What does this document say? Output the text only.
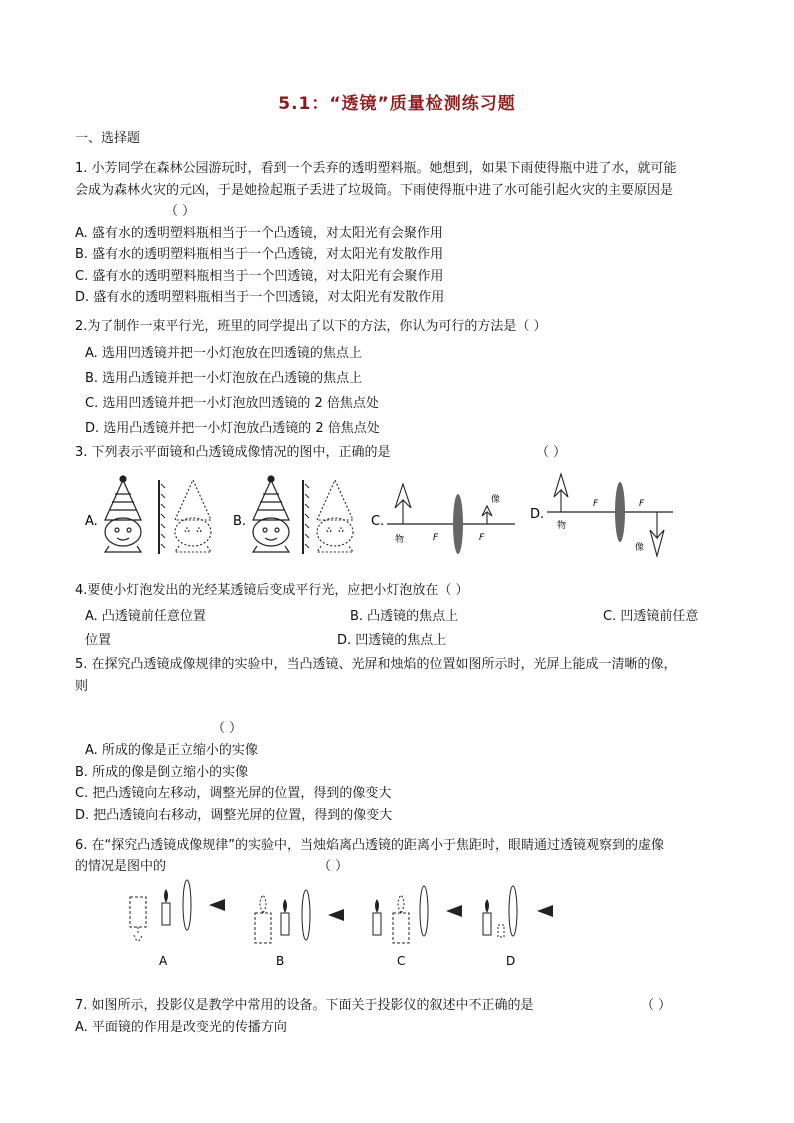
5.1：“透镜”质量检测练习题
一、选择题
1. 小芳同学在森林公园游玩时，看到一个丢弃的透明塑料瓶。她想到，如果下雨使得瓶中进了水，就可能
会成为森林火灾的元凶，于是她捡起瓶子丢进了垃圾筒。下雨使得瓶中进了水可能引起火灾的主要原因是
（ ）
A. 盛有水的透明塑料瓶相当于一个凸透镜，对太阳光有会聚作用
B. 盛有水的透明塑料瓶相当于一个凸透镜，对太阳光有发散作用
C. 盛有水的透明塑料瓶相当于一个凹透镜，对太阳光有会聚作用
D. 盛有水的透明塑料瓶相当于一个凹透镜，对太阳光有发散作用
2.为了制作一束平行光，班里的同学提出了以下的方法，你认为可行的方法是（ ）
A. 选用凹透镜并把一小灯泡放在凹透镜的焦点上
B. 选用凸透镜并把一小灯泡放在凸透镜的焦点上
C. 选用凹透镜并把一小灯泡放凹透镜的 2 倍焦点处
D. 选用凸透镜并把一小灯泡放凸透镜的 2 倍焦点处
3. 下列表示平面镜和凸透镜成像情况的图中，正确的是	（ ）
A.	B.	C.
物	F	F
像
D.
物
F	F
像
4.要使小灯泡发出的光经某透镜后变成平行光，应把小灯泡放在（ ）
A. 凸透镜前任意位置	B. 凸透镜的焦点上	C. 凹透镜前任意
位置	D. 凹透镜的焦点上
5. 在探究凸透镜成像规律的实验中，当凸透镜、光屏和烛焰的位置如图所示时，光屏上能成一清晰的像，
则
（ ）
A. 所成的像是正立缩小的实像
B. 所成的像是倒立缩小的实像
C. 把凸透镜向左移动，调整光屏的位置，得到的像变大
D. 把凸透镜向右移动，调整光屏的位置，得到的像变大
6. 在“探究凸透镜成像规律”的实验中，当烛焰离凸透镜的距离小于焦距时，眼睛通过透镜观察到的虚像
的情况是图中的	（ ）
A	B	C	D
7. 如图所示，投影仪是教学中常用的设备。下面关于投影仪的叙述中不正确的是	（ ）
A. 平面镜的作用是改变光的传播方向
